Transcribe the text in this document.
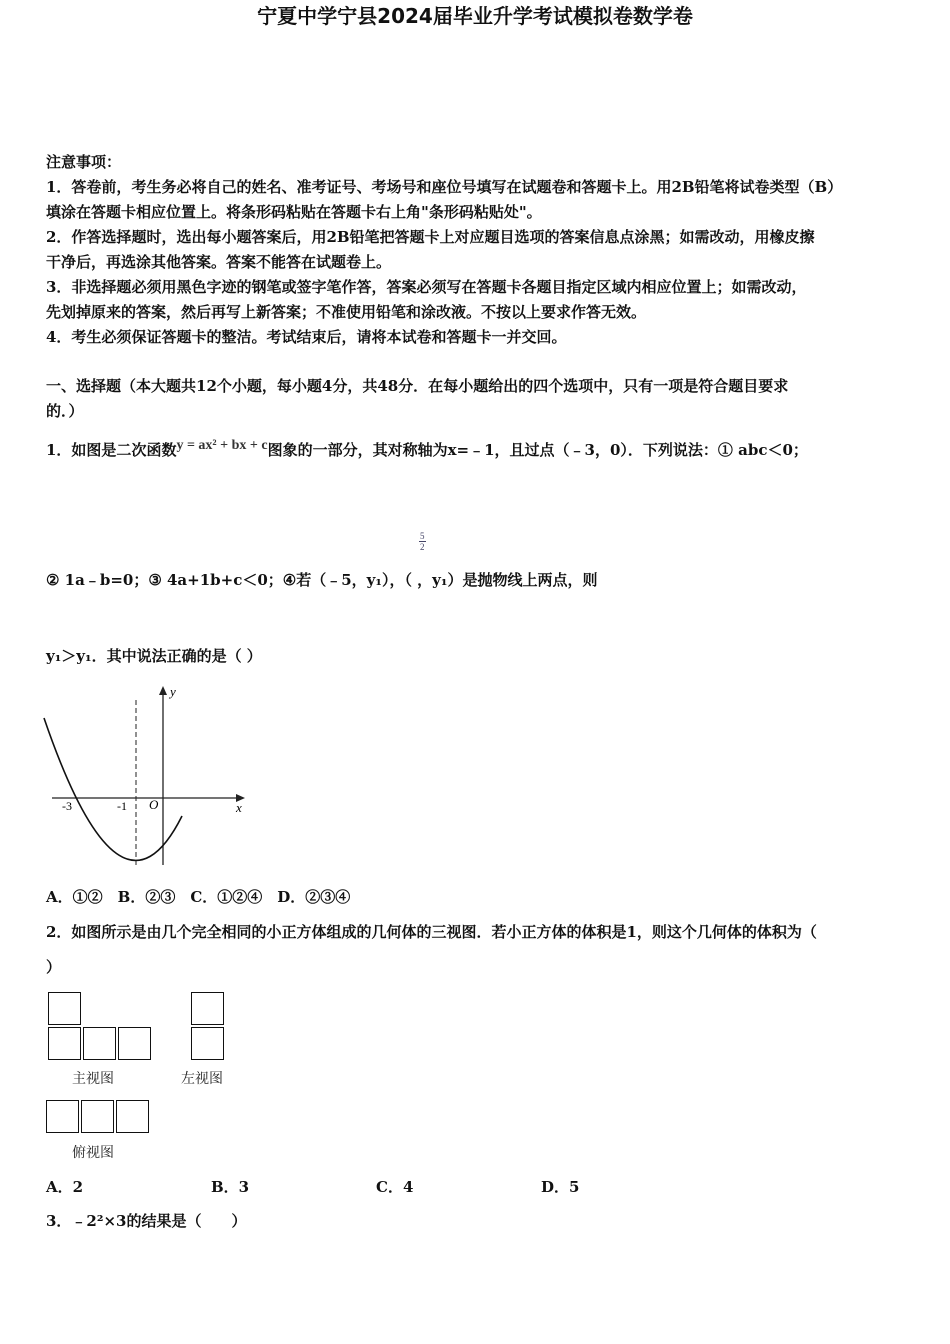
宁夏中学宁县2024届毕业升学考试模拟卷数学卷
注意事项：
1．答卷前，考生务必将自己的姓名、准考证号、考场号和座位号填写在试题卷和答题卡上。用2B铅笔将试卷类型（B）
填涂在答题卡相应位置上。将条形码粘贴在答题卡右上角"条形码粘贴处"。
2．作答选择题时，选出每小题答案后，用2B铅笔把答题卡上对应题目选项的答案信息点涂黑；如需改动，用橡皮擦
干净后，再选涂其他答案。答案不能答在试题卷上。
3．非选择题必须用黑色字迹的钢笔或签字笔作答，答案必须写在答题卡各题目指定区域内相应位置上；如需改动，
先划掉原来的答案，然后再写上新答案；不准使用铅笔和涂改液。不按以上要求作答无效。
4．考生必须保证答题卡的整洁。考试结束后，请将本试卷和答题卡一并交回。
一、选择题（本大题共12个小题，每小题4分，共48分．在每小题给出的四个选项中，只有一项是符合题目要求
的．）
1．如图是二次函数y = ax² + bx + c图象的一部分，其对称轴为x=﹣1，且过点（﹣3，0）．下列说法：① abc＜0；
$\frac{5}{2}$
② 1a﹣b=0；③ 4a+1b+c＜0；④若（﹣5，y₁），（ ，y₁）是抛物线上两点，则
y₁＞y₁．其中说法正确的是（ ）
y
x
O
-3	-1
A．①②　B．②③　C．①②④　D．②③④
2．如图所示是由几个完全相同的小正方体组成的几何体的三视图．若小正方体的体积是1，则这个几何体的体积为（
）
主视图	左视图
俯视图
A．2	B．3	C．4	D．5
3．﹣2²×3的结果是（　　）
